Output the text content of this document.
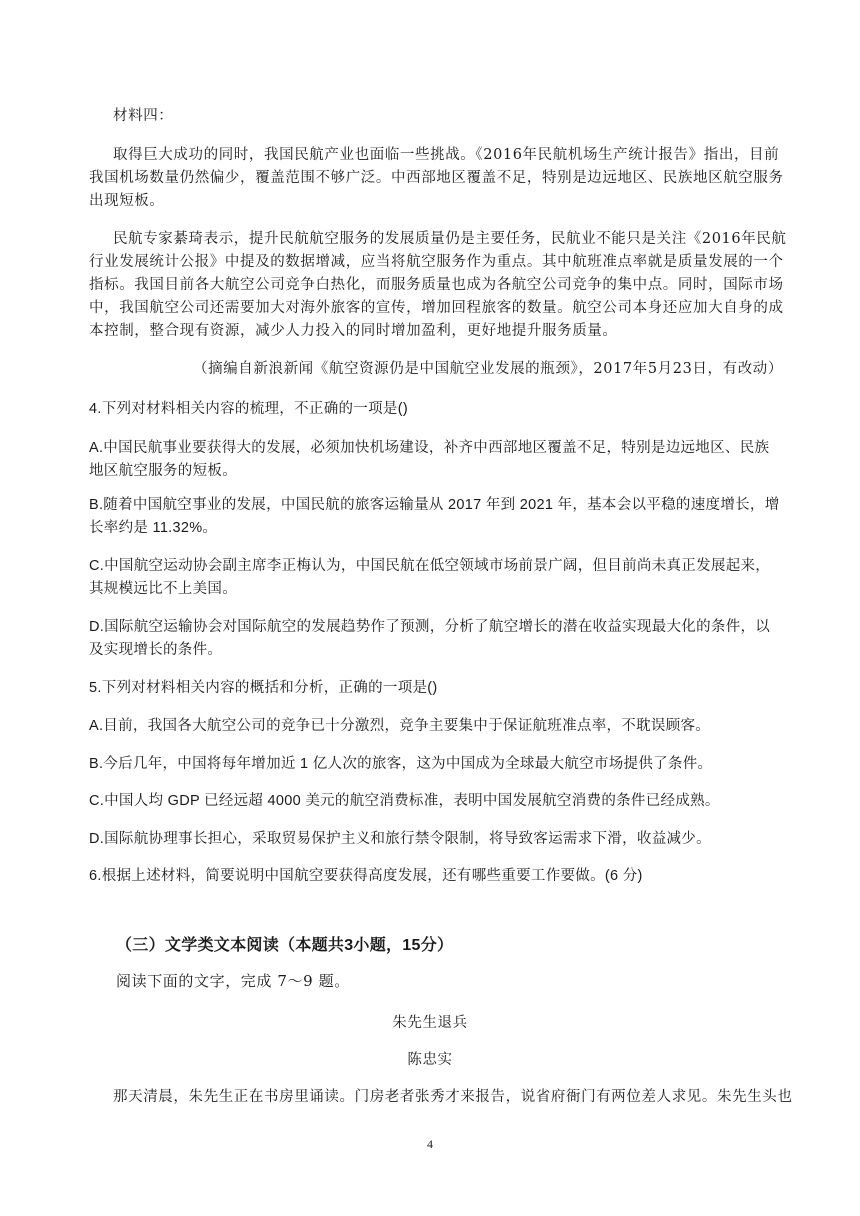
材料四：
取得巨大成功的同时，我国民航产业也面临一些挑战。《2016年民航机场生产统计报告》指出，目前
我国机场数量仍然偏少，覆盖范围不够广泛。中西部地区覆盖不足，特别是边远地区、民族地区航空服务
出现短板。
民航专家綦琦表示，提升民航航空服务的发展质量仍是主要任务，民航业不能只是关注《2016年民航
行业发展统计公报》中提及的数据增减，应当将航空服务作为重点。其中航班准点率就是质量发展的一个
指标。我国目前各大航空公司竞争白热化，而服务质量也成为各航空公司竞争的集中点。同时，国际市场
中，我国航空公司还需要加大对海外旅客的宣传，增加回程旅客的数量。航空公司本身还应加大自身的成
本控制，整合现有资源，减少人力投入的同时增加盈利，更好地提升服务质量。
（摘编自新浪新闻《航空资源仍是中国航空业发展的瓶颈》，2017年5月23日，有改动）
4.下列对材料相关内容的梳理，不正确的一项是()
A.中国民航事业要获得大的发展，必须加快机场建设，补齐中西部地区覆盖不足，特别是边远地区、民族
地区航空服务的短板。
B.随着中国航空事业的发展，中国民航的旅客运输量从 2017 年到 2021 年，基本会以平稳的速度增长，增
长率约是 11.32%。
C.中国航空运动协会副主席李正梅认为，中国民航在低空领域市场前景广阔，但目前尚未真正发展起来，
其规模远比不上美国。
D.国际航空运输协会对国际航空的发展趋势作了预测，分析了航空增长的潜在收益实现最大化的条件，以
及实现增长的条件。
5.下列对材料相关内容的概括和分析，正确的一项是()
A.目前，我国各大航空公司的竞争已十分激烈，竞争主要集中于保证航班准点率，不耽误顾客。
B.今后几年，中国将每年增加近 1 亿人次的旅客，这为中国成为全球最大航空市场提供了条件。
C.中国人均 GDP 已经远超 4000 美元的航空消费标准，表明中国发展航空消费的条件已经成熟。
D.国际航协理事长担心，采取贸易保护主义和旅行禁令限制，将导致客运需求下滑，收益减少。
6.根据上述材料，简要说明中国航空要获得高度发展，还有哪些重要工作要做。(6 分)
（三）文学类文本阅读（本题共3小题，15分）
阅读下面的文字，完成 7～9 题。
朱先生退兵
陈忠实
那天清晨，朱先生正在书房里诵读。门房老者张秀才来报告，说省府衙门有两位差人求见。朱先生头也
4
